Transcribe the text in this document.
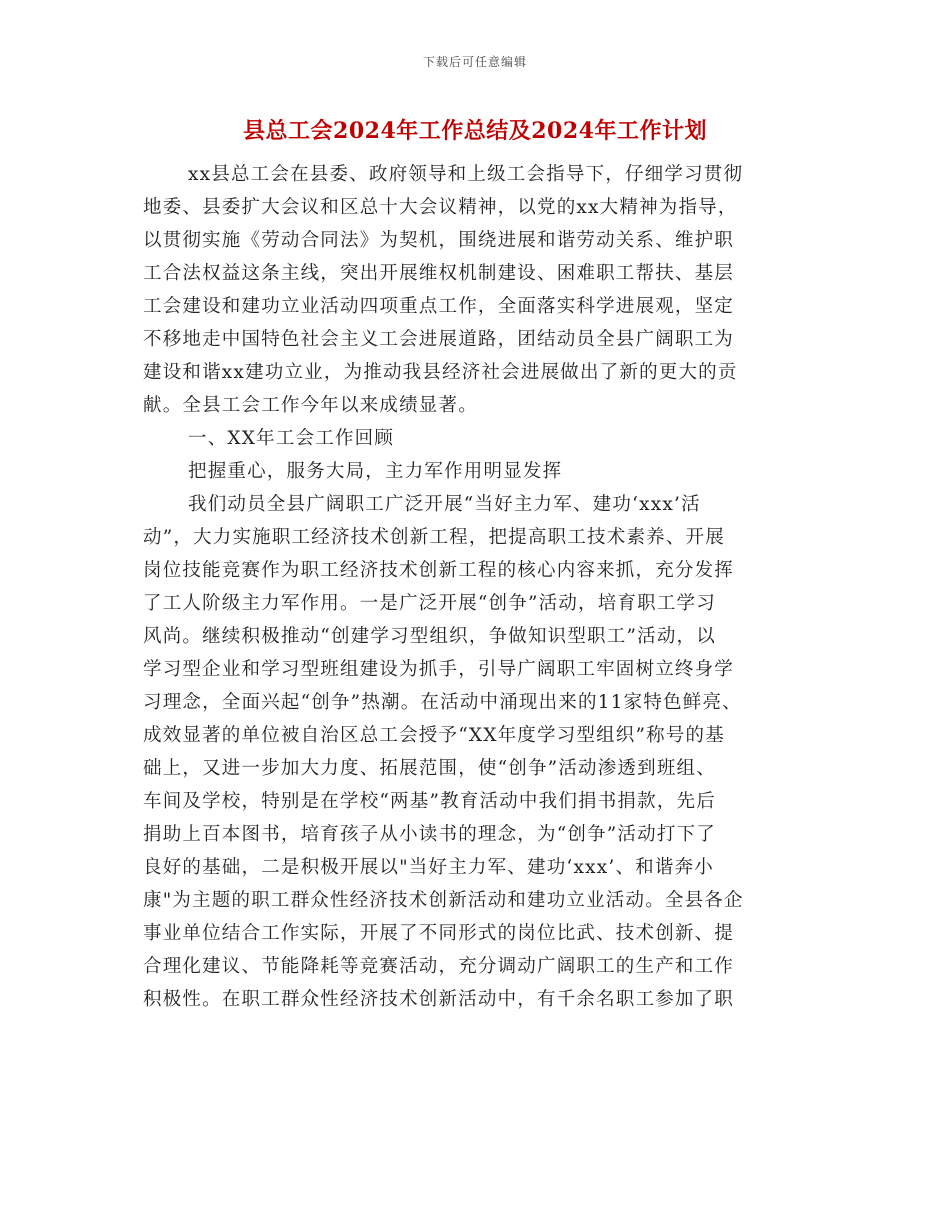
下载后可任意编辑
县总工会2024年工作总结及2024年工作计划
xx县总工会在县委、政府领导和上级工会指导下，仔细学习贯彻
地委、县委扩大会议和区总十大会议精神，以党的xx大精神为指导，
以贯彻实施《劳动合同法》为契机，围绕进展和谐劳动关系、维护职
工合法权益这条主线，突出开展维权机制建设、困难职工帮扶、基层
工会建设和建功立业活动四项重点工作，全面落实科学进展观，坚定
不移地走中国特色社会主义工会进展道路，团结动员全县广阔职工为
建设和谐xx建功立业，为推动我县经济社会进展做出了新的更大的贡
献。全县工会工作今年以来成绩显著。
一、XX年工会工作回顾
把握重心，服务大局，主力军作用明显发挥
我们动员全县广阔职工广泛开展“当好主力军、建功‘xxx’活
动”，大力实施职工经济技术创新工程，把提高职工技术素养、开展
岗位技能竞赛作为职工经济技术创新工程的核心内容来抓，充分发挥
了工人阶级主力军作用。一是广泛开展“创争”活动，培育职工学习
风尚。继续积极推动“创建学习型组织，争做知识型职工”活动，以
学习型企业和学习型班组建设为抓手，引导广阔职工牢固树立终身学
习理念，全面兴起“创争”热潮。在活动中涌现出来的11家特色鲜亮、
成效显著的单位被自治区总工会授予“XX年度学习型组织”称号的基
础上，又进一步加大力度、拓展范围，使“创争”活动渗透到班组、
车间及学校，特别是在学校“两基”教育活动中我们捐书捐款，先后
捐助上百本图书，培育孩子从小读书的理念，为“创争”活动打下了
良好的基础，二是积极开展以"当好主力军、建功‘xxx’、和谐奔小
康"为主题的职工群众性经济技术创新活动和建功立业活动。全县各企
事业单位结合工作实际，开展了不同形式的岗位比武、技术创新、提
合理化建议、节能降耗等竞赛活动，充分调动广阔职工的生产和工作
积极性。在职工群众性经济技术创新活动中，有千余名职工参加了职
